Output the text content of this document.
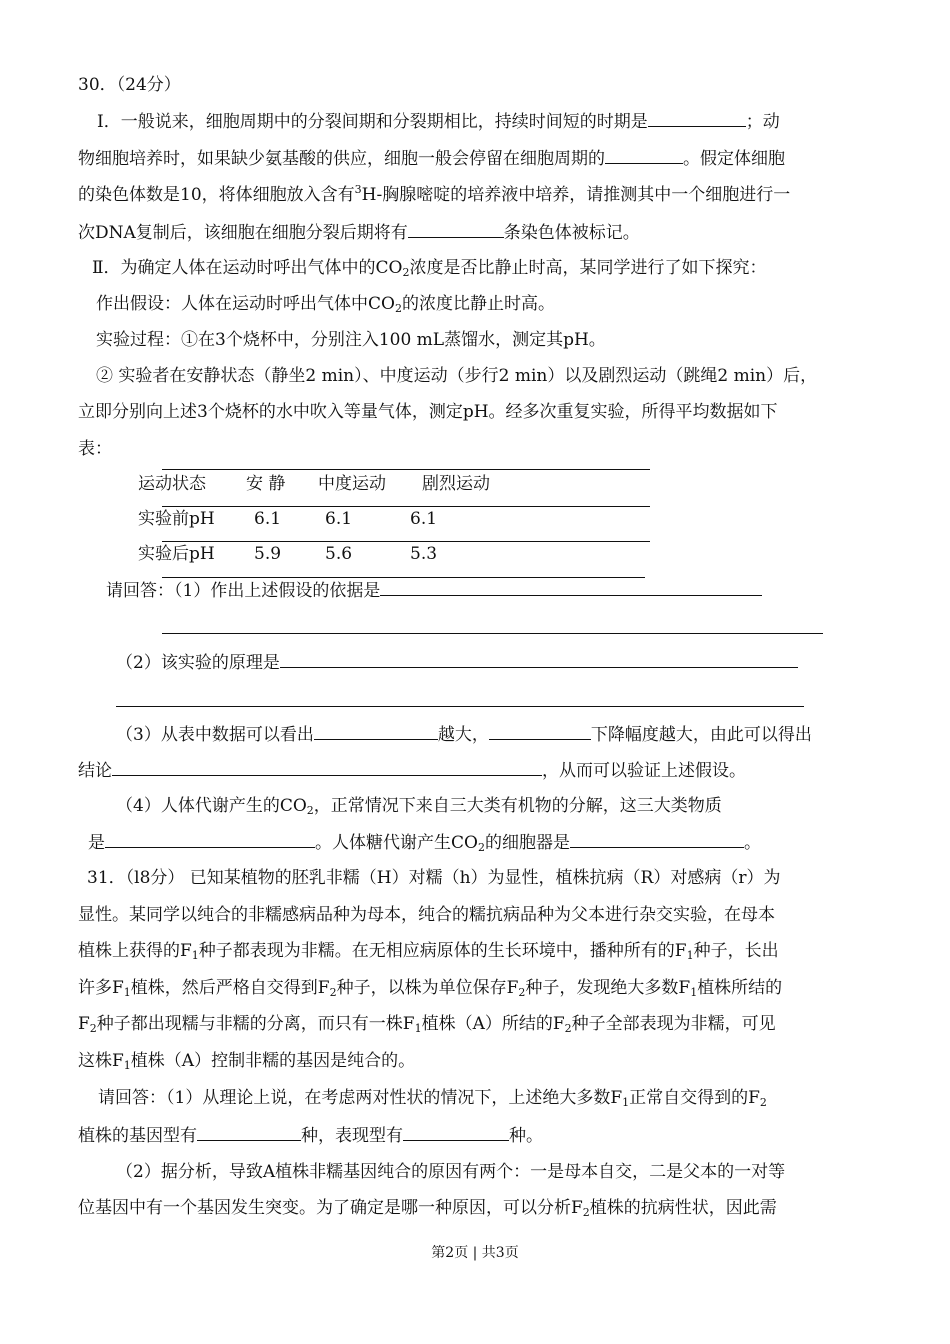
30．（24分）
Ⅰ．一般说来，细胞周期中的分裂间期和分裂期相比，持续时间短的时期是	；动
物细胞培养时，如果缺少氨基酸的供应，细胞一般会停留在细胞周期的	。假定体细胞
的染色体数是10，将体细胞放入含有$^3$H-胸腺嘧啶的培养液中培养，请推测其中一个细胞进行一
次DNA复制后，该细胞在细胞分裂后期将有	条染色体被标记。
Ⅱ．为确定人体在运动时呼出气体中的$CO_2$浓度是否比静止时高，某同学进行了如下探究：
作出假设：人体在运动时呼出气体中$CO_2$的浓度比静止时高。
实验过程：①在3个烧杯中，分别注入100 mL蒸馏水，测定其pH。
② 实验者在安静状态（静坐2 min）、中度运动（步行2 min）以及剧烈运动（跳绳2 min）后，
立即分别向上述3个烧杯的水中吹入等量气体，测定pH。经多次重复实验，所得平均数据如下
表：
运动状态 安 静 中度运动 剧烈运动
实验前pH 6.1	6.1	6.1
实验后pH 5.9	5.6	5.3
请回答：（1）作出上述假设的依据是
（2）该实验的原理是
（3）从表中数据可以看出	越大，	下降幅度越大，由此可以得出
结论	，从而可以验证上述假设。
（4）人体代谢产生的$CO_2$，正常情况下来自三大类有机物的分解，这三大类物质
是	。人体糖代谢产生$CO_2$的细胞器是	。
31．（l8分） 已知某植物的胚乳非糯（H）对糯（h）为显性，植株抗病（R）对感病（r）为
显性。某同学以纯合的非糯感病品种为母本，纯合的糯抗病品种为父本进行杂交实验，在母本
植株上获得的$F_1$种子都表现为非糯。在无相应病原体的生长环境中，播种所有的$F_1$种子，长出
许多$F_1$植株，然后严格自交得到$F_2$种子，以株为单位保存$F_2$种子，发现绝大多数$F_1$植株所结的
$F_2$种子都出现糯与非糯的分离，而只有一株$F_1$植株（A）所结的$F_2$种子全部表现为非糯，可见
这株$F_1$植株（A）控制非糯的基因是纯合的。
请回答：（1）从理论上说，在考虑两对性状的情况下，上述绝大多数$F_1$正常自交得到的$F_2$
植株的基因型有	种，表现型有	种。
（2）据分析，导致A植株非糯基因纯合的原因有两个：一是母本自交，二是父本的一对等
位基因中有一个基因发生突变。为了确定是哪一种原因，可以分析$F_2$植株的抗病性状，因此需
第2页 | 共3页
